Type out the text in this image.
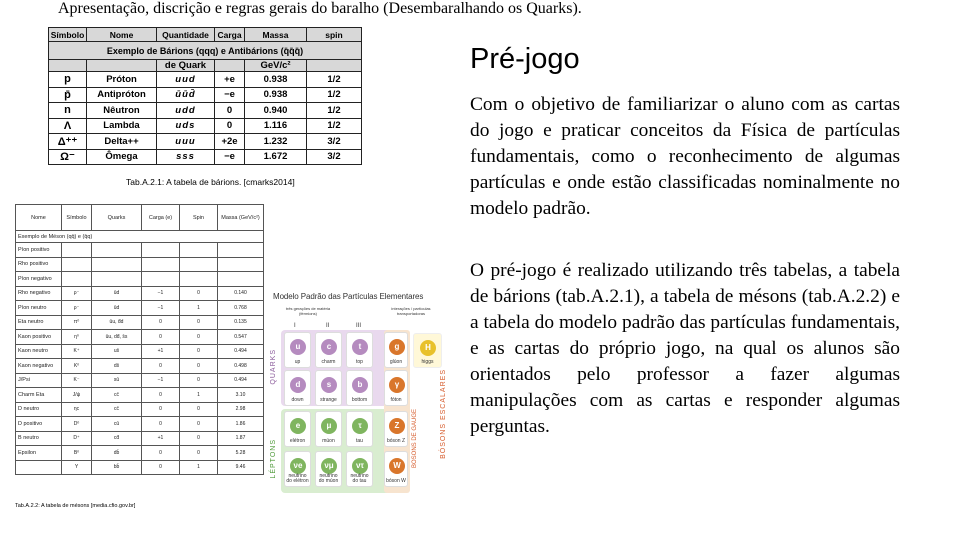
Apresentação, discrição e regras gerais do baralho (Desembaralhando os Quarks).
Exemplo de Bárions (qqq) e Antibárions (q̄q̄q̄)					
Símbolo	Nome	Quantidade	Carga	Massa	spin
		de Quark		GeV/c²	
p	Próton	uud	+e	0.938	1/2
p̄	Antipróton	ūūd̄	−e	0.938	1/2
n	Nêutron	udd	0	0.940	1/2
Λ	Lambda	uds	0	1.116	1/2
Δ⁺⁺	Delta++	uuu	+2e	1.232	3/2
Ω⁻	Ômega	sss	−e	1.672	3/2
Tab.A.2.1: A tabela de bárions. [cmarks2014]
Exemplo de Méson (qq̄) e (q̄q)					
Nome	Símbolo	Quarks	Carga (e)	Spin	Massa (GeV/c²)
Píon positivo					
Rho positivo					
Píon negativo					
Rho negativo	ρ⁻	ūd	−1	0	0.140
Píon neutro	ρ⁻	ūd	−1	1	0.768
Eta neutro	π⁰	ūu, d̄d	0	0	0.135
Kaon positivo	η⁰	ūu, dd̄, s̄s	0	0	0.547
Kaon neutro	K⁺	us̄	+1	0	0.494
Kaon negativo	K⁰	ds̄	0	0	0.498
J/Psi	K⁻	sū	−1	0	0.494
Charm Eta	J/ψ	cc̄	0	1	3.10
D neutro	ηc	cc̄	0	0	2.98
D positivo	D⁰	cū	0	0	1.86
B neutro	D⁺	cd̄	+1	0	1.87
Epsilon	B⁰	db̄	0	0	5.28
	Υ	bb̄	0	1	9.46
Tab.A.2.2: A tabela de mésons [media.cfio.gov.br]
Modelo Padrão das Partículas Elementares
três gerações de matéria (férmions)
interações / partículas transportadoras
I	II	III
QUARKS
LÉPTONS
u
up
c
charm
t
top
g
glúon
d
down
s
strange
b
bottom
γ
fóton
e
elétron
μ
múon
τ
tau
Z
bóson Z
νe
neutrino do elétron
νμ
neutrino do múon
ντ
neutrino do tau
W
bóson W
H
higgs
BÓSONS DE GAUGE	BÓSONS ESCALARES
Pré-jogo

Com o objetivo de familiarizar o aluno com as cartas do jogo e praticar conceitos da Física de partículas fundamentais, como o reconhecimento de algumas partículas e onde estão classificadas nominalmente no modelo padrão.

O pré-jogo é realizado utilizando três tabelas, a tabela de bárions (tab.A.2.1), a tabela de mésons (tab.A.2.2) e a tabela do modelo padrão das partículas fundamentais, e as cartas do próprio jogo, na qual os alunos são orientados pelo professor a fazer algumas manipulações com as cartas e responder algumas perguntas.
